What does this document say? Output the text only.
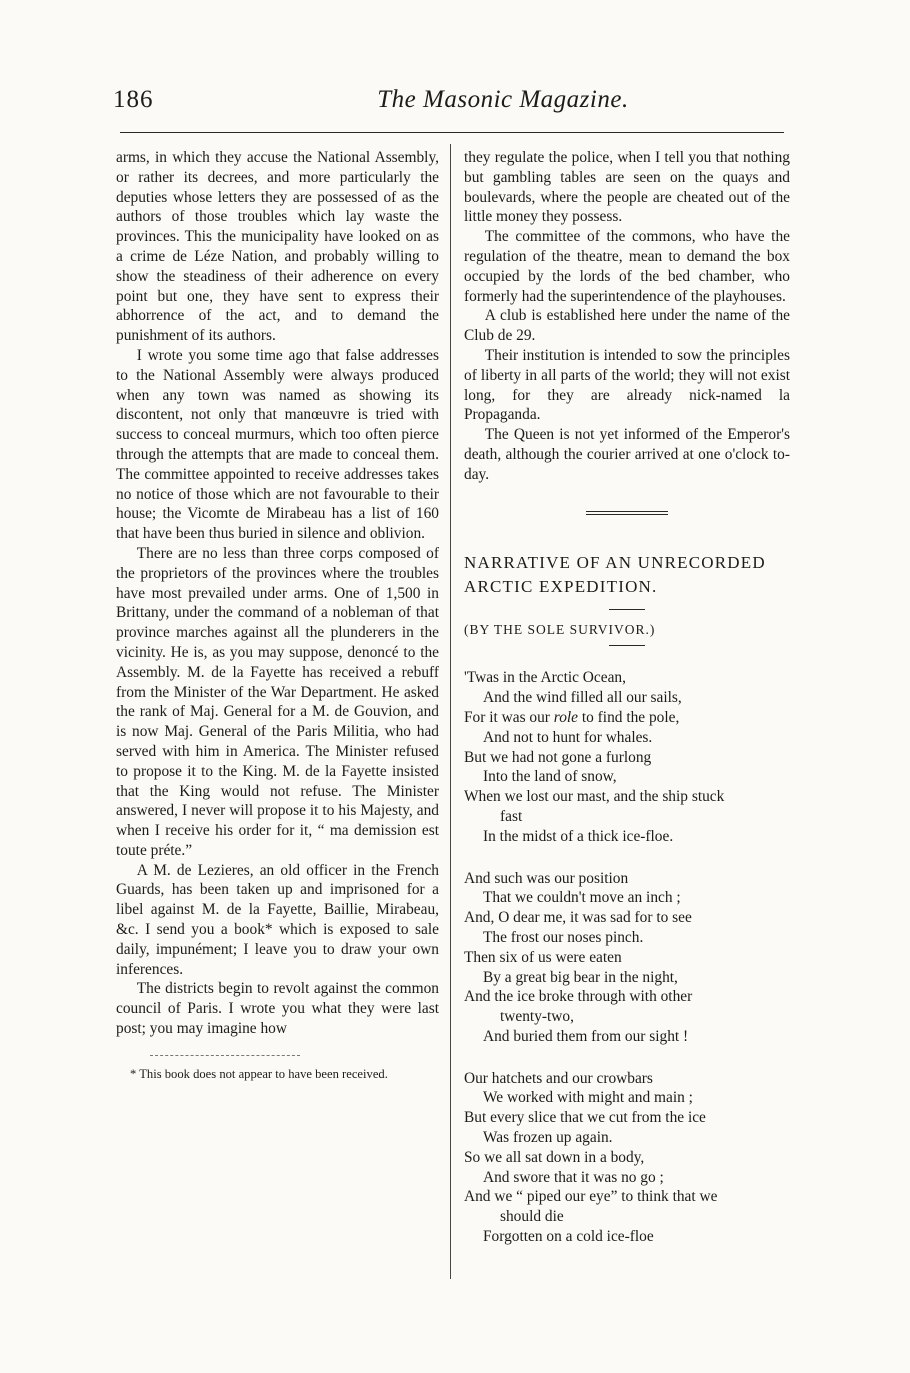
186	The Masonic Magazine.

arms, in which they accuse the National Assembly, or rather its decrees, and more particularly the deputies whose letters they are possessed of as the authors of those troubles which lay waste the provinces. This the municipality have looked on as a crime de Léze Nation, and probably willing to show the steadiness of their adherence on every point but one, they have sent to express their abhorrence of the act, and to demand the punishment of its authors.

I wrote you some time ago that false addresses to the National Assembly were always produced when any town was named as showing its discontent, not only that manœuvre is tried with success to conceal murmurs, which too often pierce through the attempts that are made to conceal them. The committee appointed to receive addresses takes no notice of those which are not favourable to their house; the Vicomte de Mirabeau has a list of 160 that have been thus buried in silence and oblivion.

There are no less than three corps composed of the proprietors of the provinces where the troubles have most prevailed under arms. One of 1,500 in Brittany, under the command of a nobleman of that province marches against all the plunderers in the vicinity. He is, as you may suppose, denoncé to the Assembly. M. de la Fayette has received a rebuff from the Minister of the War Department. He asked the rank of Maj. General for a M. de Gouvion, and is now Maj. General of the Paris Militia, who had served with him in America. The Minister refused to propose it to the King. M. de la Fayette insisted that the King would not refuse. The Minister answered, I never will propose it to his Majesty, and when I receive his order for it, “ ma demission est toute préte.”

A M. de Lezieres, an old officer in the French Guards, has been taken up and imprisoned for a libel against M. de la Fayette, Baillie, Mirabeau, &c. I send you a book* which is exposed to sale daily, impunément; I leave you to draw your own inferences.

The districts begin to revolt against the common council of Paris. I wrote you what they were last post; you may imagine how

* This book does not appear to have been received.

they regulate the police, when I tell you that nothing but gambling tables are seen on the quays and boulevards, where the people are cheated out of the little money they possess.

The committee of the commons, who have the regulation of the theatre, mean to demand the box occupied by the lords of the bed chamber, who formerly had the superintendence of the playhouses.

A club is established here under the name of the Club de 29.

Their institution is intended to sow the principles of liberty in all parts of the world; they will not exist long, for they are already nick-named la Propaganda.

The Queen is not yet informed of the Emperor's death, although the courier arrived at one o'clock to-day.

NARRATIVE OF AN UNRECORDED
ARCTIC EXPEDITION.

(BY THE SOLE SURVIVOR.)

'Twas in the Arctic Ocean,
And the wind filled all our sails,
For it was our role to find the pole,
And not to hunt for whales.
But we had not gone a furlong
Into the land of snow,
When we lost our mast, and the ship stuck
fast
In the midst of a thick ice-floe.
And such was our position
That we couldn't move an inch ;
And, O dear me, it was sad for to see
The frost our noses pinch.
Then six of us were eaten
By a great big bear in the night,
And the ice broke through with other
twenty-two,
And buried them from our sight !
Our hatchets and our crowbars
We worked with might and main ;
But every slice that we cut from the ice
Was frozen up again.
So we all sat down in a body,
And swore that it was no go ;
And we “ piped our eye” to think that we
should die
Forgotten on a cold ice-floe
